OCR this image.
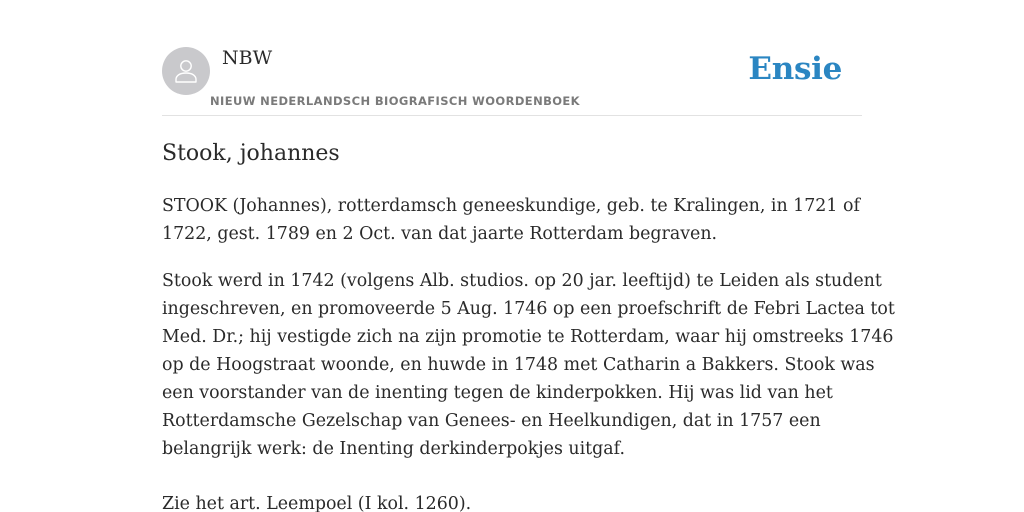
NBW
NIEUW NEDERLANDSCH BIOGRAFISCH WOORDENBOEK
Ensie
Stook, johannes

STOOK (Johannes), rotterdamsch geneeskundige, geb. te Kralingen, in 1721 of
1722, gest. 1789 en 2 Oct. van dat jaarte Rotterdam begraven.

Stook werd in 1742 (volgens Alb. studios. op 20 jar. leeftijd) te Leiden als student
ingeschreven, en promoveerde 5 Aug. 1746 op een proefschrift de Febri Lactea tot
Med. Dr.; hij vestigde zich na zijn promotie te Rotterdam, waar hij omstreeks 1746
op de Hoogstraat woonde, en huwde in 1748 met Catharin a Bakkers. Stook was
een voorstander van de inenting tegen de kinderpokken. Hij was lid van het
Rotterdamsche Gezelschap van Genees- en Heelkundigen, dat in 1757 een
belangrijk werk: de Inenting derkinderpokjes uitgaf.

Zie het art. Leempoel (I kol. 1260).
